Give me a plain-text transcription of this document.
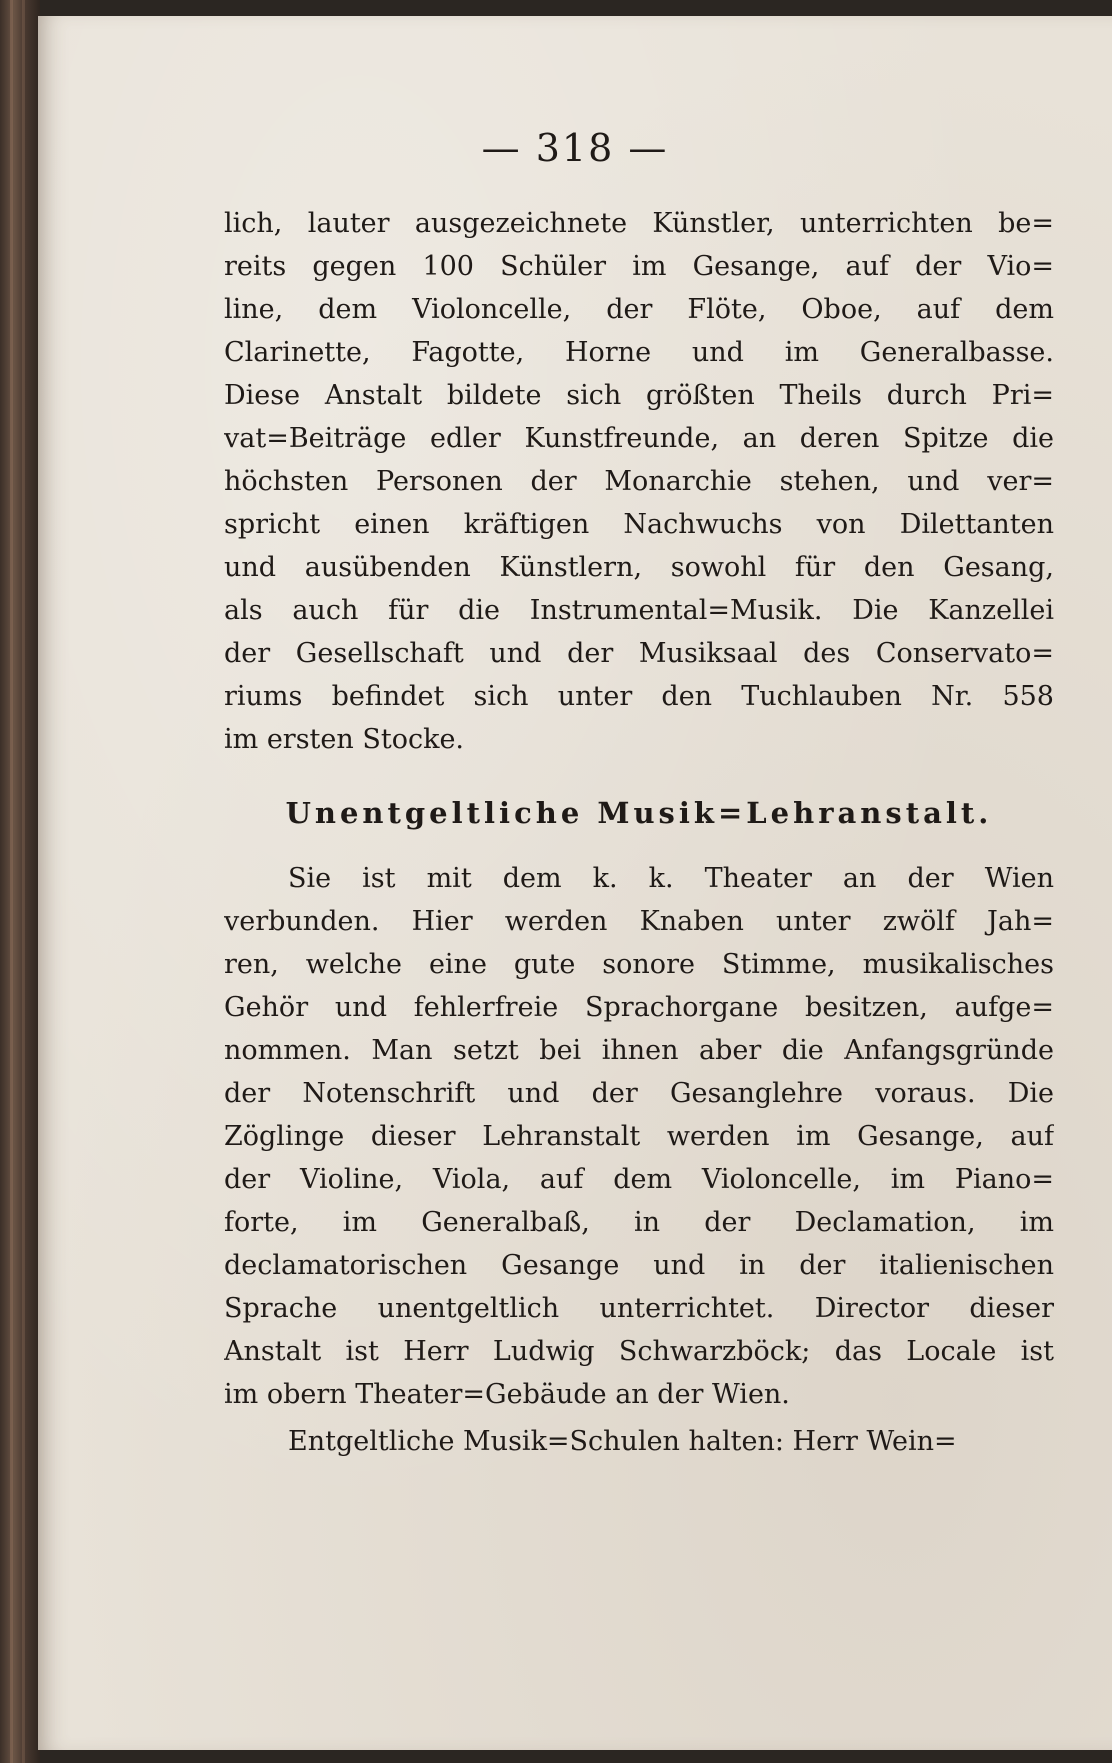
— 318 —
lich, lauter ausgezeichnete Künstler, unterrichten be=
reits gegen 100 Schüler im Gesange, auf der Vio=
line, dem Violoncelle, der Flöte, Oboe, auf dem
Clarinette, Fagotte, Horne und im Generalbasse.
Diese Anstalt bildete sich größten Theils durch Pri=
vat=Beiträge edler Kunstfreunde, an deren Spitze die
höchsten Personen der Monarchie stehen, und ver=
spricht einen kräftigen Nachwuchs von Dilettanten
und ausübenden Künstlern, sowohl für den Gesang,
als auch für die Instrumental=Musik. Die Kanzellei
der Gesellschaft und der Musiksaal des Conservato=
riums befindet sich unter den Tuchlauben Nr. 558
im ersten Stocke.
Unentgeltliche Musik=Lehranstalt.
Sie ist mit dem k. k. Theater an der Wien
verbunden. Hier werden Knaben unter zwölf Jah=
ren, welche eine gute sonore Stimme, musikalisches
Gehör und fehlerfreie Sprachorgane besitzen, aufge=
nommen. Man setzt bei ihnen aber die Anfangsgründe
der Notenschrift und der Gesanglehre voraus. Die
Zöglinge dieser Lehranstalt werden im Gesange, auf
der Violine, Viola, auf dem Violoncelle, im Piano=
forte, im Generalbaß, in der Declamation, im
declamatorischen Gesange und in der italienischen
Sprache unentgeltlich unterrichtet. Director dieser
Anstalt ist Herr Ludwig Schwarzböck; das Locale ist
im obern Theater=Gebäude an der Wien.
Entgeltliche Musik=Schulen halten: Herr Wein=
